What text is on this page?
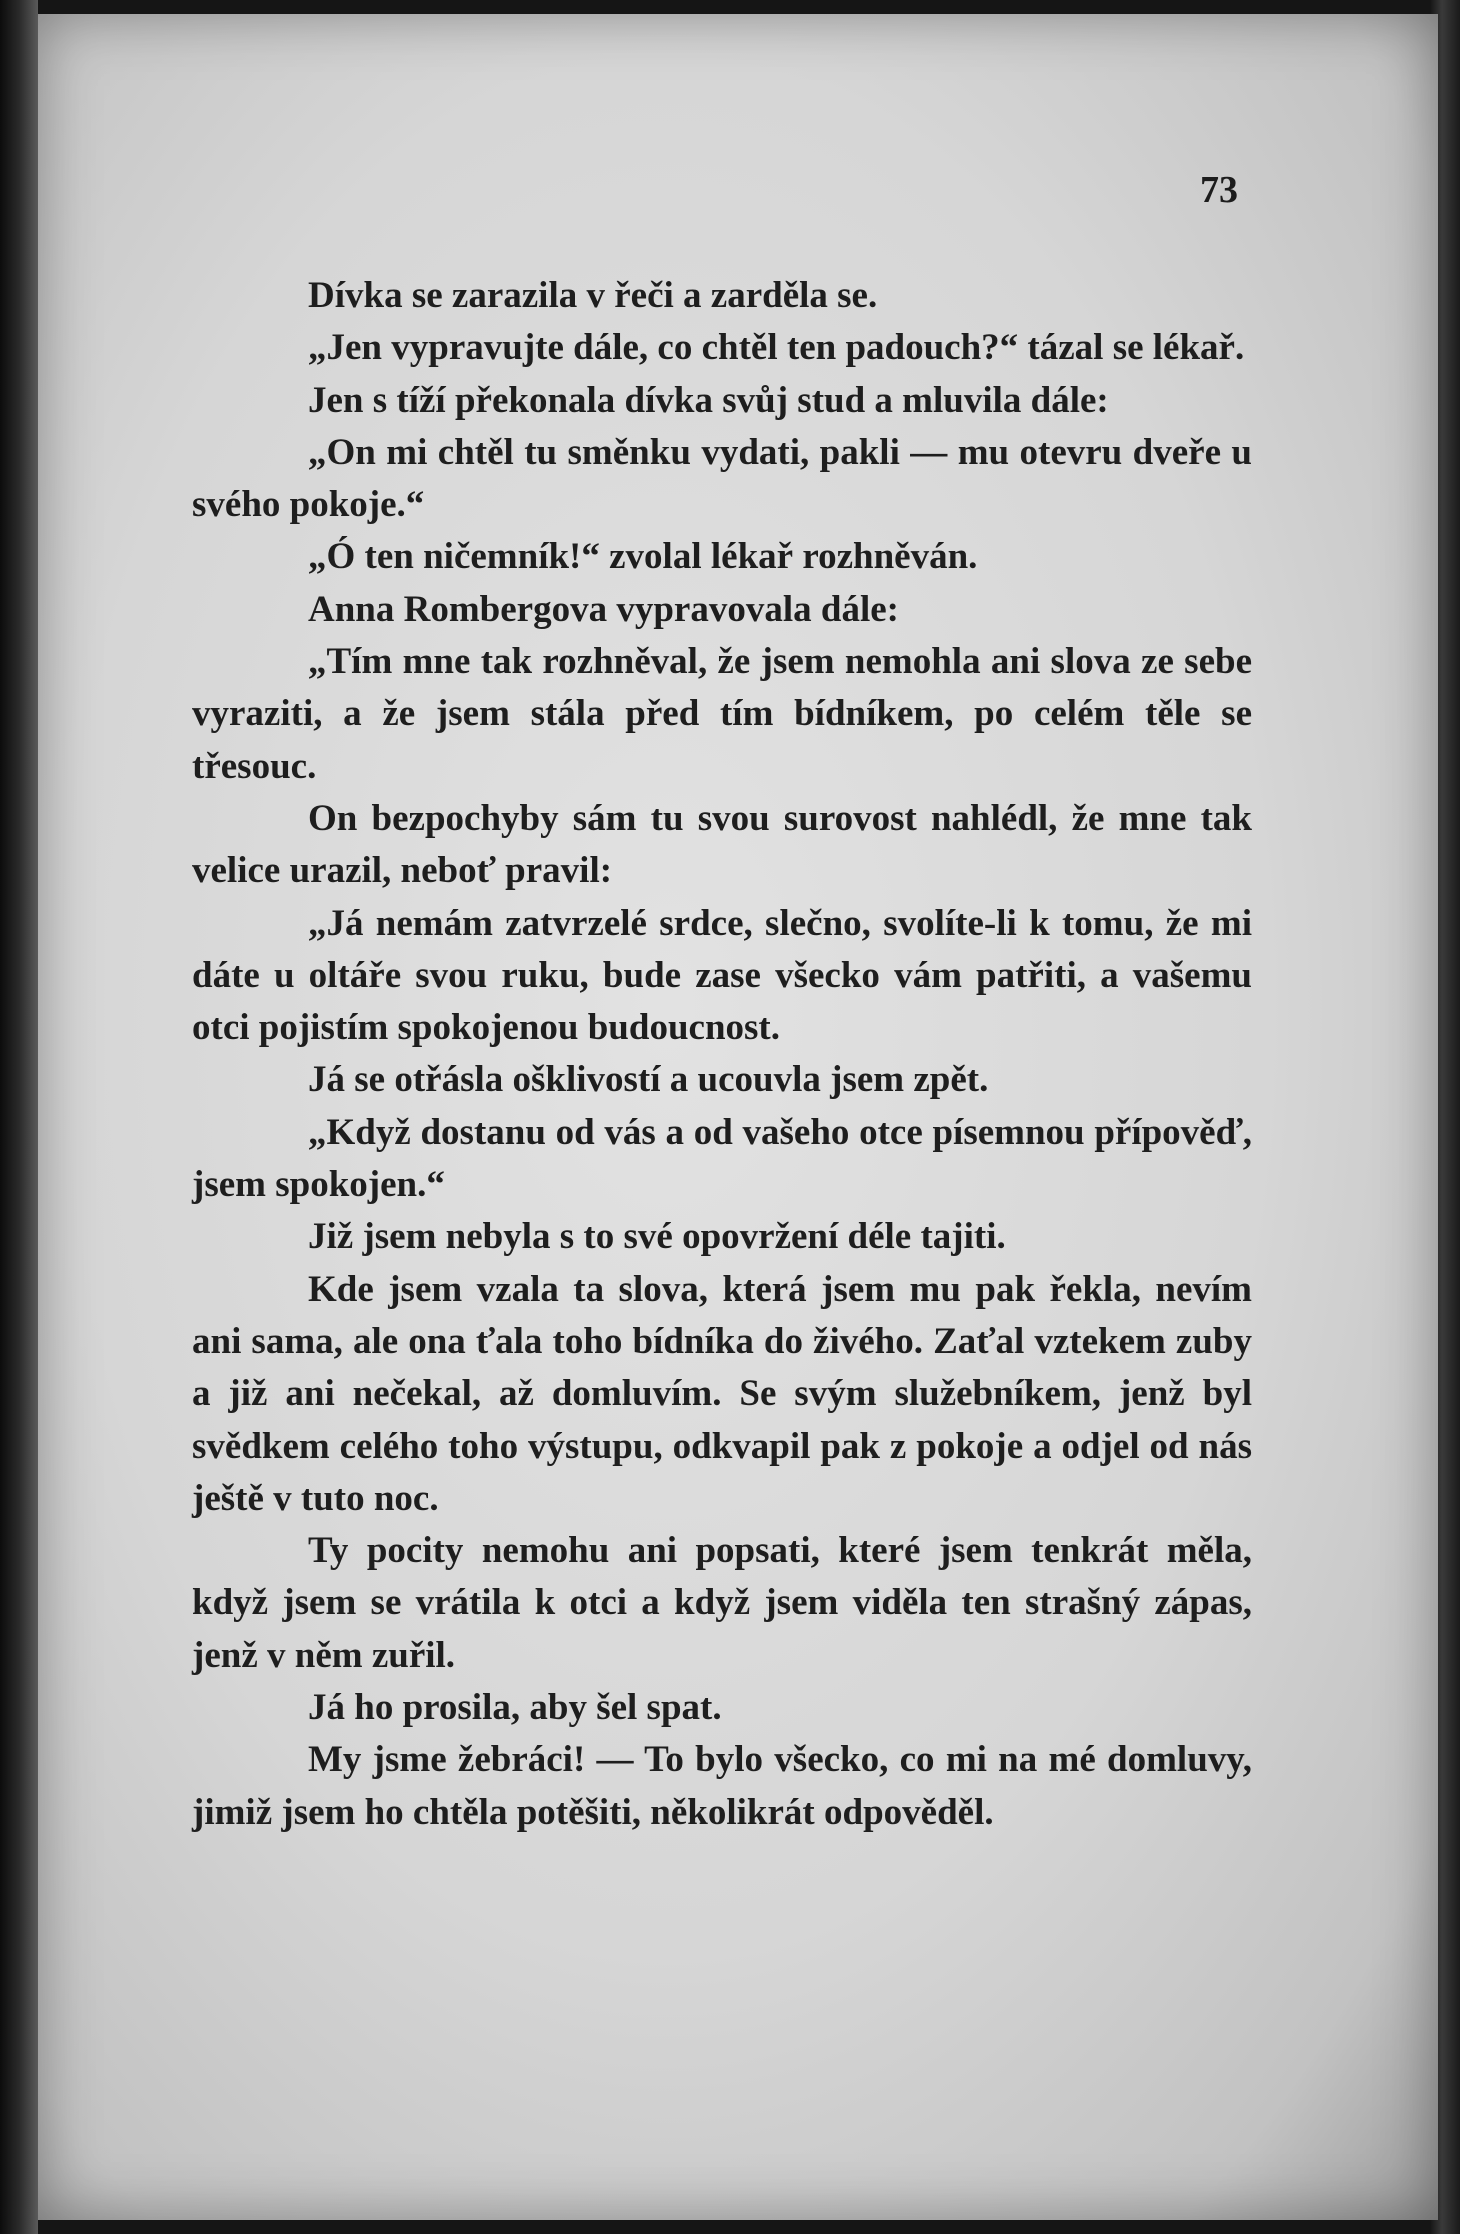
73

Dívka se zarazila v řeči a zarděla se.

„Jen vypravujte dále, co chtěl ten padouch?“ tázal se lékař.

Jen s tíží překonala dívka svůj stud a mluvila dále:

„On mi chtěl tu směnku vydati, pakli — mu otevru dveře u svého pokoje.“

„Ó ten ničemník!“ zvolal lékař rozhněván.

Anna Rombergova vypravovala dále:

„Tím mne tak rozhněval, že jsem nemohla ani slova ze sebe vyraziti, a že jsem stála před tím bídníkem, po celém těle se třesouc.

On bezpochyby sám tu svou surovost nahlédl, že mne tak velice urazil, neboť pravil:

„Já nemám zatvrzelé srdce, slečno, svolíte-li k tomu, že mi dáte u oltáře svou ruku, bude zase všecko vám patřiti, a vašemu otci pojistím spokojenou budoucnost.

Já se otřásla ošklivostí a ucouvla jsem zpět.

„Když dostanu od vás a od vašeho otce písemnou přípověď, jsem spokojen.“

Již jsem nebyla s to své opovržení déle tajiti.

Kde jsem vzala ta slova, která jsem mu pak řekla, nevím ani sama, ale ona ťala toho bídníka do živého. Zaťal vztekem zuby a již ani nečekal, až domluvím. Se svým služebníkem, jenž byl svědkem celého toho výstupu, odkvapil pak z pokoje a odjel od nás ještě v tuto noc.

Ty pocity nemohu ani popsati, které jsem tenkrát měla, když jsem se vrátila k otci a když jsem viděla ten strašný zápas, jenž v něm zuřil.

Já ho prosila, aby šel spat.

My jsme žebráci! — To bylo všecko, co mi na mé domluvy, jimiž jsem ho chtěla potěšiti, několikrát odpověděl.
